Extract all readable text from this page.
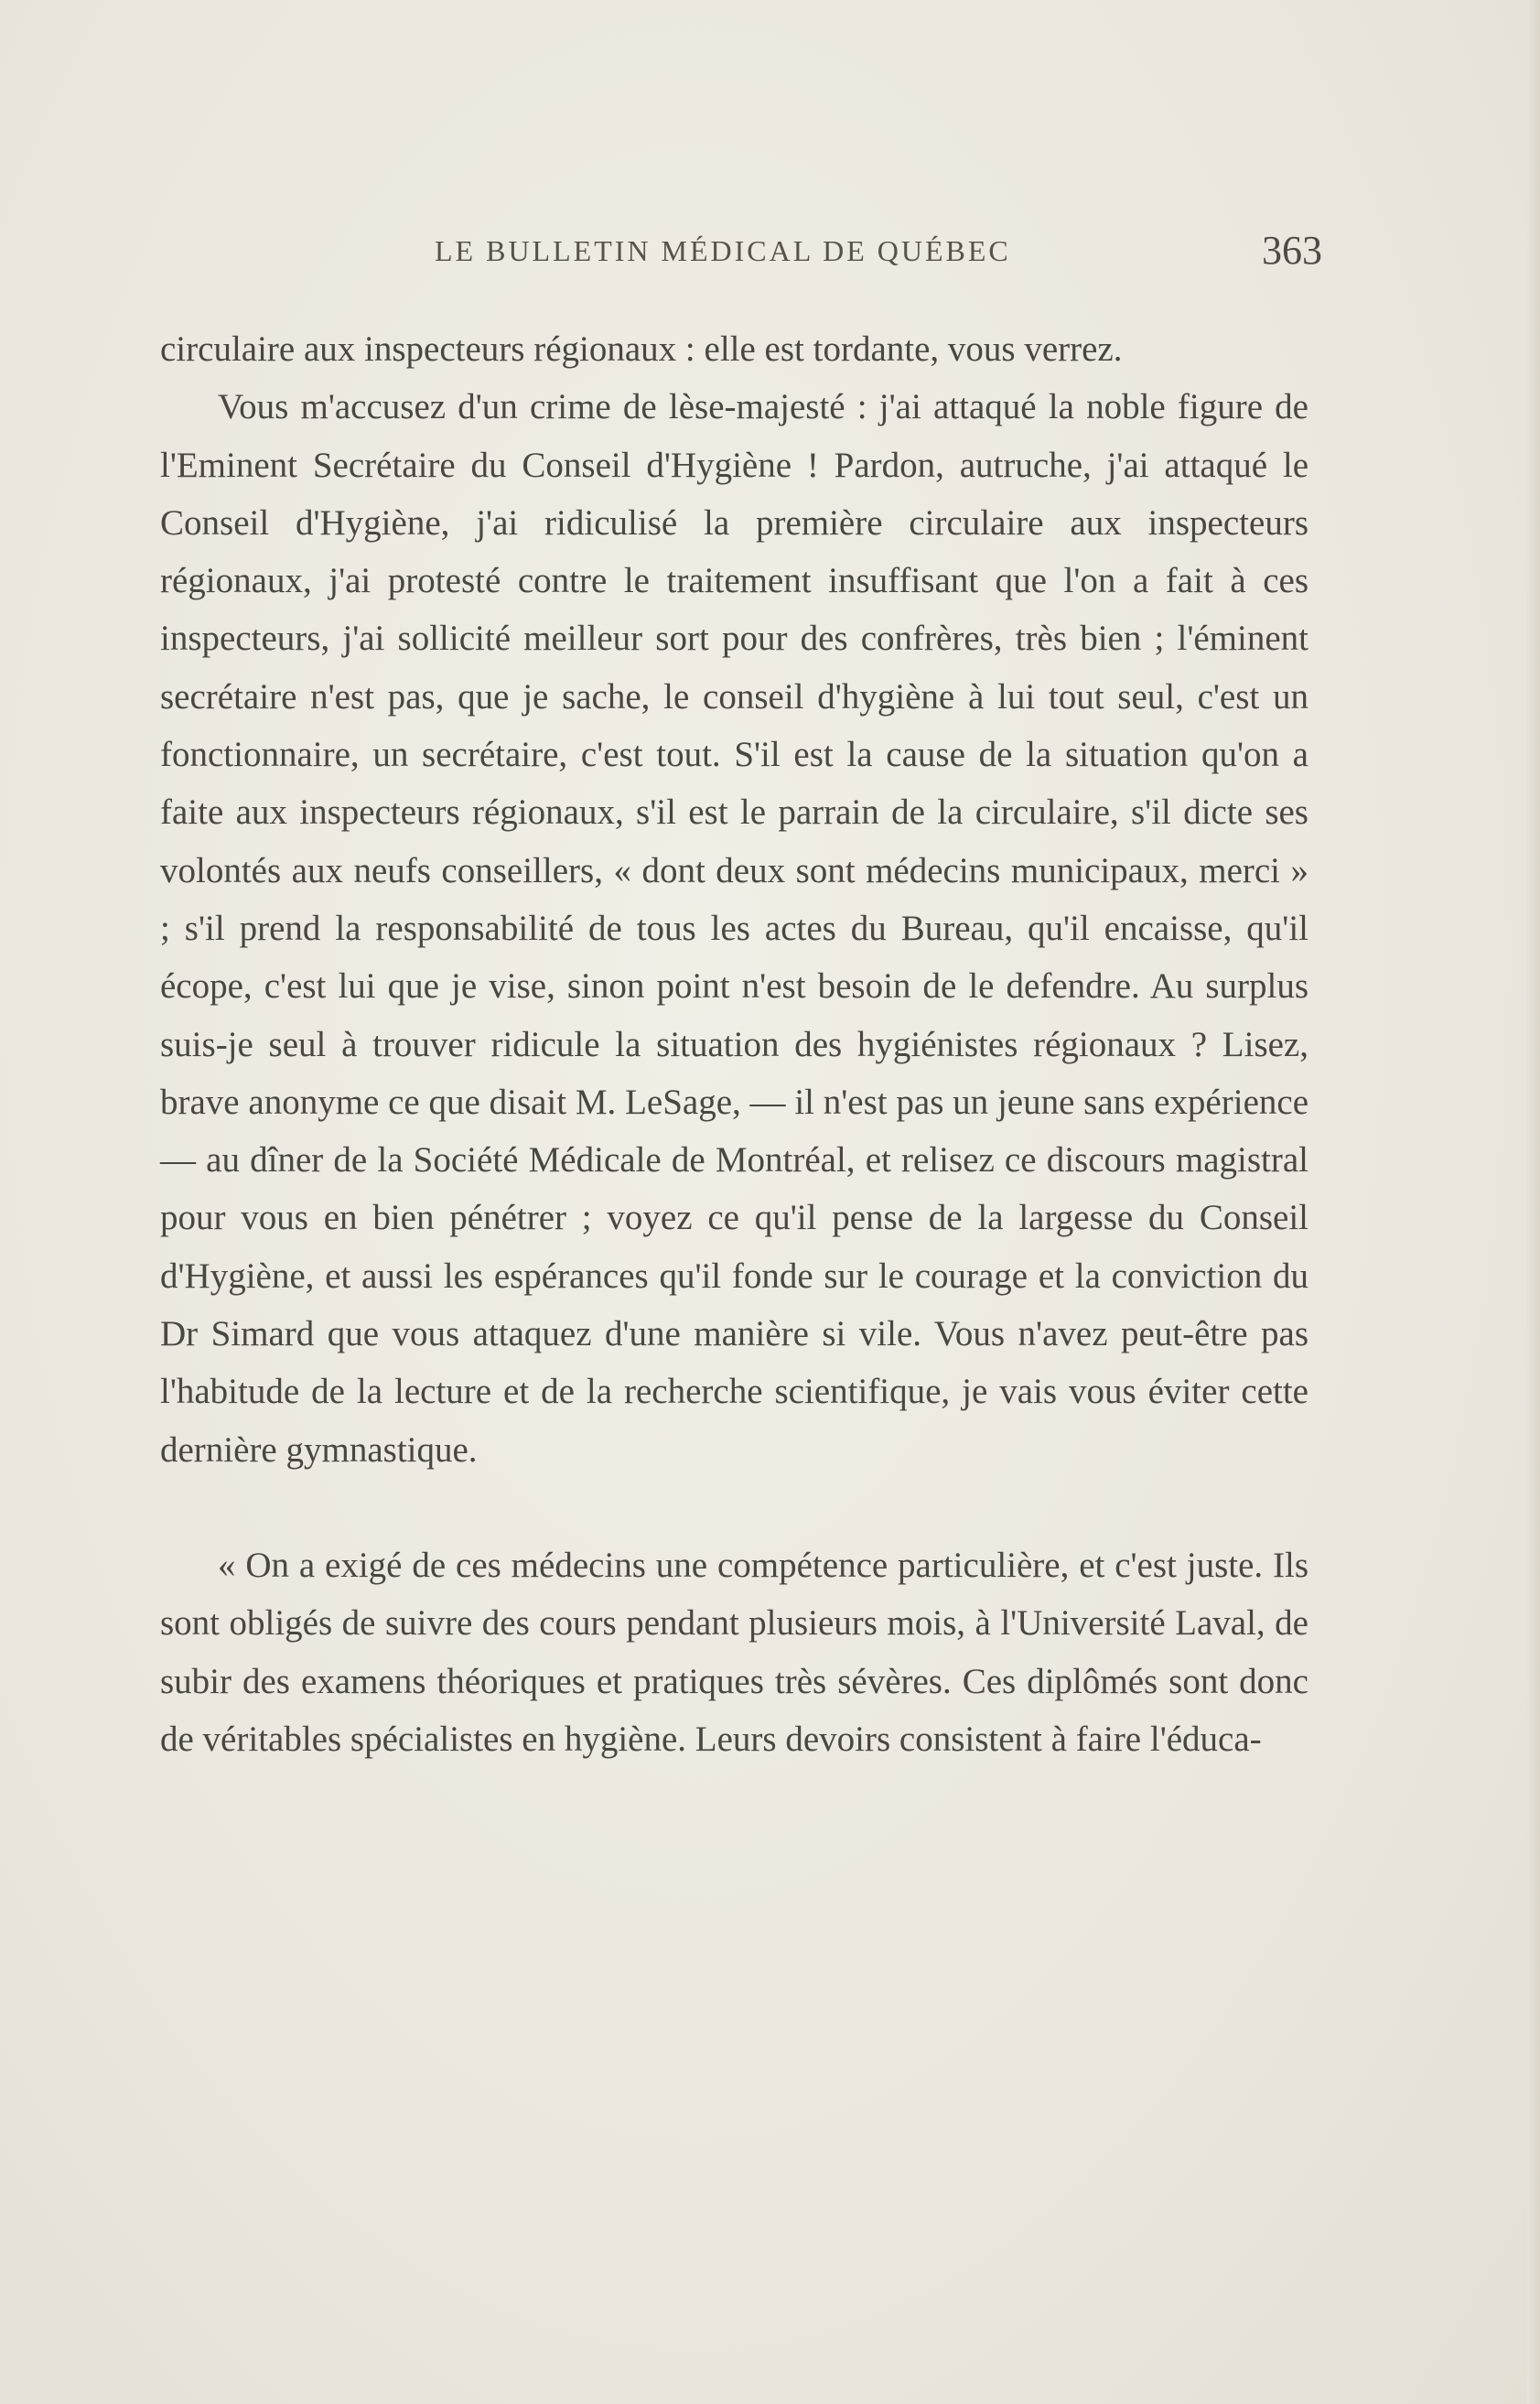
LE BULLETIN MÉDICAL DE QUÉBEC	363

circulaire aux inspecteurs régionaux : elle est tordante, vous verrez.

Vous m'accusez d'un crime de lèse-majesté : j'ai attaqué la noble figure de l'Eminent Secrétaire du Conseil d'Hygiène ! Pardon, autruche, j'ai attaqué le Conseil d'Hygiène, j'ai ridiculisé la première circulaire aux inspecteurs régionaux, j'ai protesté contre le traitement insuffisant que l'on a fait à ces inspecteurs, j'ai sollicité meilleur sort pour des confrères, très bien ; l'éminent secrétaire n'est pas, que je sache, le conseil d'hygiène à lui tout seul, c'est un fonctionnaire, un secrétaire, c'est tout. S'il est la cause de la situation qu'on a faite aux inspecteurs régionaux, s'il est le parrain de la circulaire, s'il dicte ses volontés aux neufs conseillers, « dont deux sont médecins municipaux, merci » ; s'il prend la responsabilité de tous les actes du Bureau, qu'il encaisse, qu'il écope, c'est lui que je vise, sinon point n'est besoin de le defendre. Au surplus suis-je seul à trouver ridicule la situation des hygiénistes régionaux ? Lisez, brave anonyme ce que disait M. LeSage, — il n'est pas un jeune sans expérience — au dîner de la Société Médicale de Montréal, et relisez ce discours magistral pour vous en bien pénétrer ; voyez ce qu'il pense de la largesse du Conseil d'Hygiène, et aussi les espérances qu'il fonde sur le courage et la conviction du Dr Simard que vous attaquez d'une manière si vile. Vous n'avez peut-être pas l'habitude de la lecture et de la recherche scientifique, je vais vous éviter cette dernière gymnastique.

« On a exigé de ces médecins une compétence particulière, et c'est juste. Ils sont obligés de suivre des cours pendant plusieurs mois, à l'Université Laval, de subir des examens théoriques et pratiques très sévères. Ces diplômés sont donc de véritables spécialistes en hygiène. Leurs devoirs consistent à faire l'éduca-
